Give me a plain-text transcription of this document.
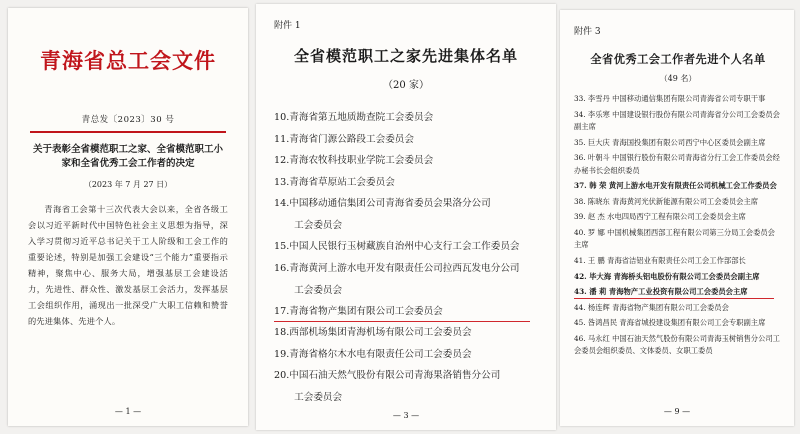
青海省总工会文件
青总发〔2023〕30 号
关于表彰全省模范职工之家、全省模范职工小家和全省优秀工会工作者的决定
（2023 年 7 月 27 日）

青海省工会第十三次代表大会以来，全省各级工会以习近平新时代中国特色社会主义思想为指导，深入学习贯彻习近平总书记关于工人阶级和工会工作的重要论述，特别是加强工会建设“三个能力”重要指示精神，聚焦中心、服务大局，增强基层工会建设活力，先进性、群众性、激发基层工会活力，发挥基层工会组织作用，涌现出一批深受广大职工信赖和赞誉的先进集体、先进个人。

— 1 —
附件 1
全省模范职工之家先进集体名单
（20 家）
10.青海省第五地质勘查院工会委员会
11.青海省门源公路段工会委员会
12.青海农牧科技职业学院工会委员会
13.青海省草原站工会委员会
14.中国移动通信集团公司青海省委员会果洛分公司
工会委员会
15.中国人民银行玉树藏族自治州中心支行工会工作委员会
16.青海黄河上游水电开发有限责任公司拉西瓦发电分公司
工会委员会
17.青海省物产集团有限公司工会委员会
18.西部机场集团青海机场有限公司工会委员会
19.青海省格尔木水电有限责任公司工会委员会
20.中国石油天然气股份有限公司青海果洛销售分公司
工会委员会
— 3 —
附件 3
全省优秀工会工作者先进个人名单
（49 名）
33. 李雪丹 中国移动通信集团有限公司青海省公司专职干事
34. 李乐寒 中国建设银行股份有限公司青海省分公司工会委员会副主席
35. 巨大庆 青海国投集团有限公司西宁中心区委员会副主席
36. 叶朝斗 中国银行股份有限公司青海省分行工会工作委员会经办秘书长会组织委员
37. 韩 荣 黄河上游水电开发有限责任公司机械工会工作委员会
38. 陈晓东 青海黄河光伏新能源有限公司工会委员会主席
39. 赵 杰 水电四局西宁工程有限公司工会委员会主席
40. 罗 娜 中国机械集团西部工程有限公司第三分局工会委员会主席
41. 王 鹏 青海省洁铝业有限责任公司工会工作部部长
42. 毕大海 青海桥头铝电股份有限公司工会委员会副主席
43. 潘 莉 青海物产工业投资有限公司工会委员会主席
44. 杨连辉 青海省物产集团有限公司工会委员会
45. 昝鸿昌民 青海省城投建设集团有限公司工会专职副主席
46. 马永红 中国石油天然气股份有限公司青海玉树销售分公司工会委员会组织委员、文体委员、女职工委员
— 9 —
